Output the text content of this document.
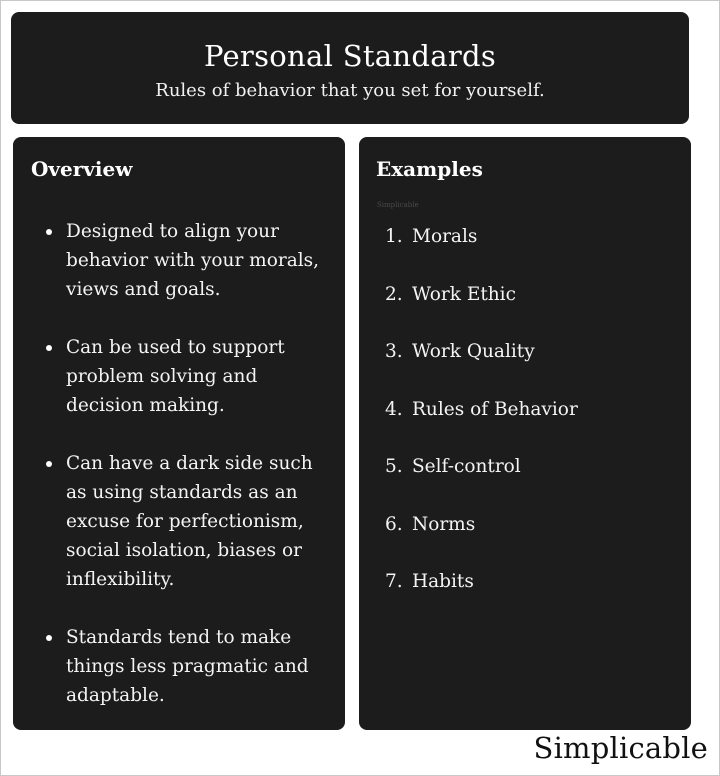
Personal Standards
Rules of behavior that you set for yourself.
Overview
Designed to align your behavior with your morals, views and goals.
Can be used to support problem solving and decision making.
Can have a dark side such as using standards as an excuse for perfectionism, social isolation, biases or inflexibility.
Standards tend to make things less pragmatic and adaptable.
Examples
Simplicable
1. Morals
2. Work Ethic
3. Work Quality
4. Rules of Behavior
5. Self-control
6. Norms
7. Habits
Simplicable
